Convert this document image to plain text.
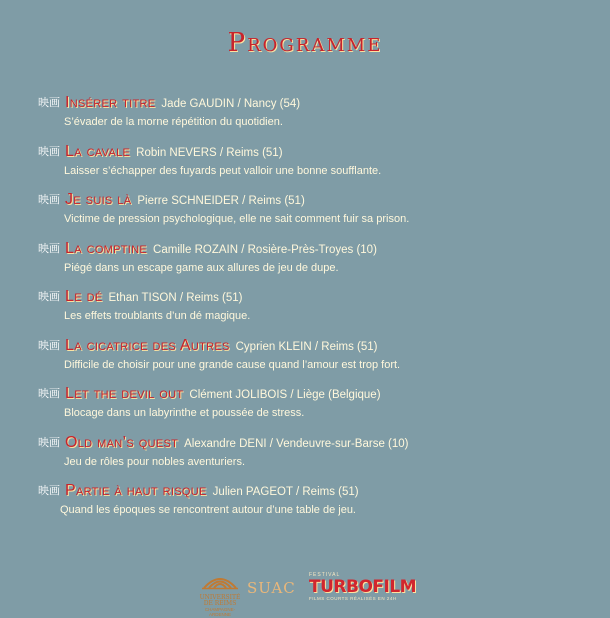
Programme
映画 Insérer titre Jade GAUDIN / Nancy (54)
S’évader de la morne répétition du quotidien.
映画 La cavale Robin NEVERS / Reims (51)
Laisser s’échapper des fuyards peut valloir une bonne soufflante.
映画 Je suis là Pierre SCHNEIDER / Reims (51)
Victime de pression psychologique, elle ne sait comment fuir sa prison.
映画 La comptine Camille ROZAIN / Rosière-Près-Troyes (10)
Piégé dans un escape game aux allures de jeu de dupe.
映画 Le dé Ethan TISON / Reims (51)
Les effets troublants d’un dé magique.
映画 La cicatrice des Autres Cyprien KLEIN / Reims (51)
Difficile de choisir pour une grande cause quand l’amour est trop fort.
映画 Let the devil out Clément JOLIBOIS / Liège (Belgique)
Blocage dans un labyrinthe et poussée de stress.
映画 Old man’s quest Alexandre DENI / Vendeuvre-sur-Barse (10)
Jeu de rôles pour nobles aventuriers.
映画 Partie à haut risque Julien PAGEOT / Reims (51)
Quand les époques se rencontrent autour d’une table de jeu.
UNIVERSITÉ
DE REIMS
CHAMPAGNE-ARDENNE
SUAC
FESTIVAL
TURBOFILM
FILMS COURTS RÉALISÉS EN 24H
